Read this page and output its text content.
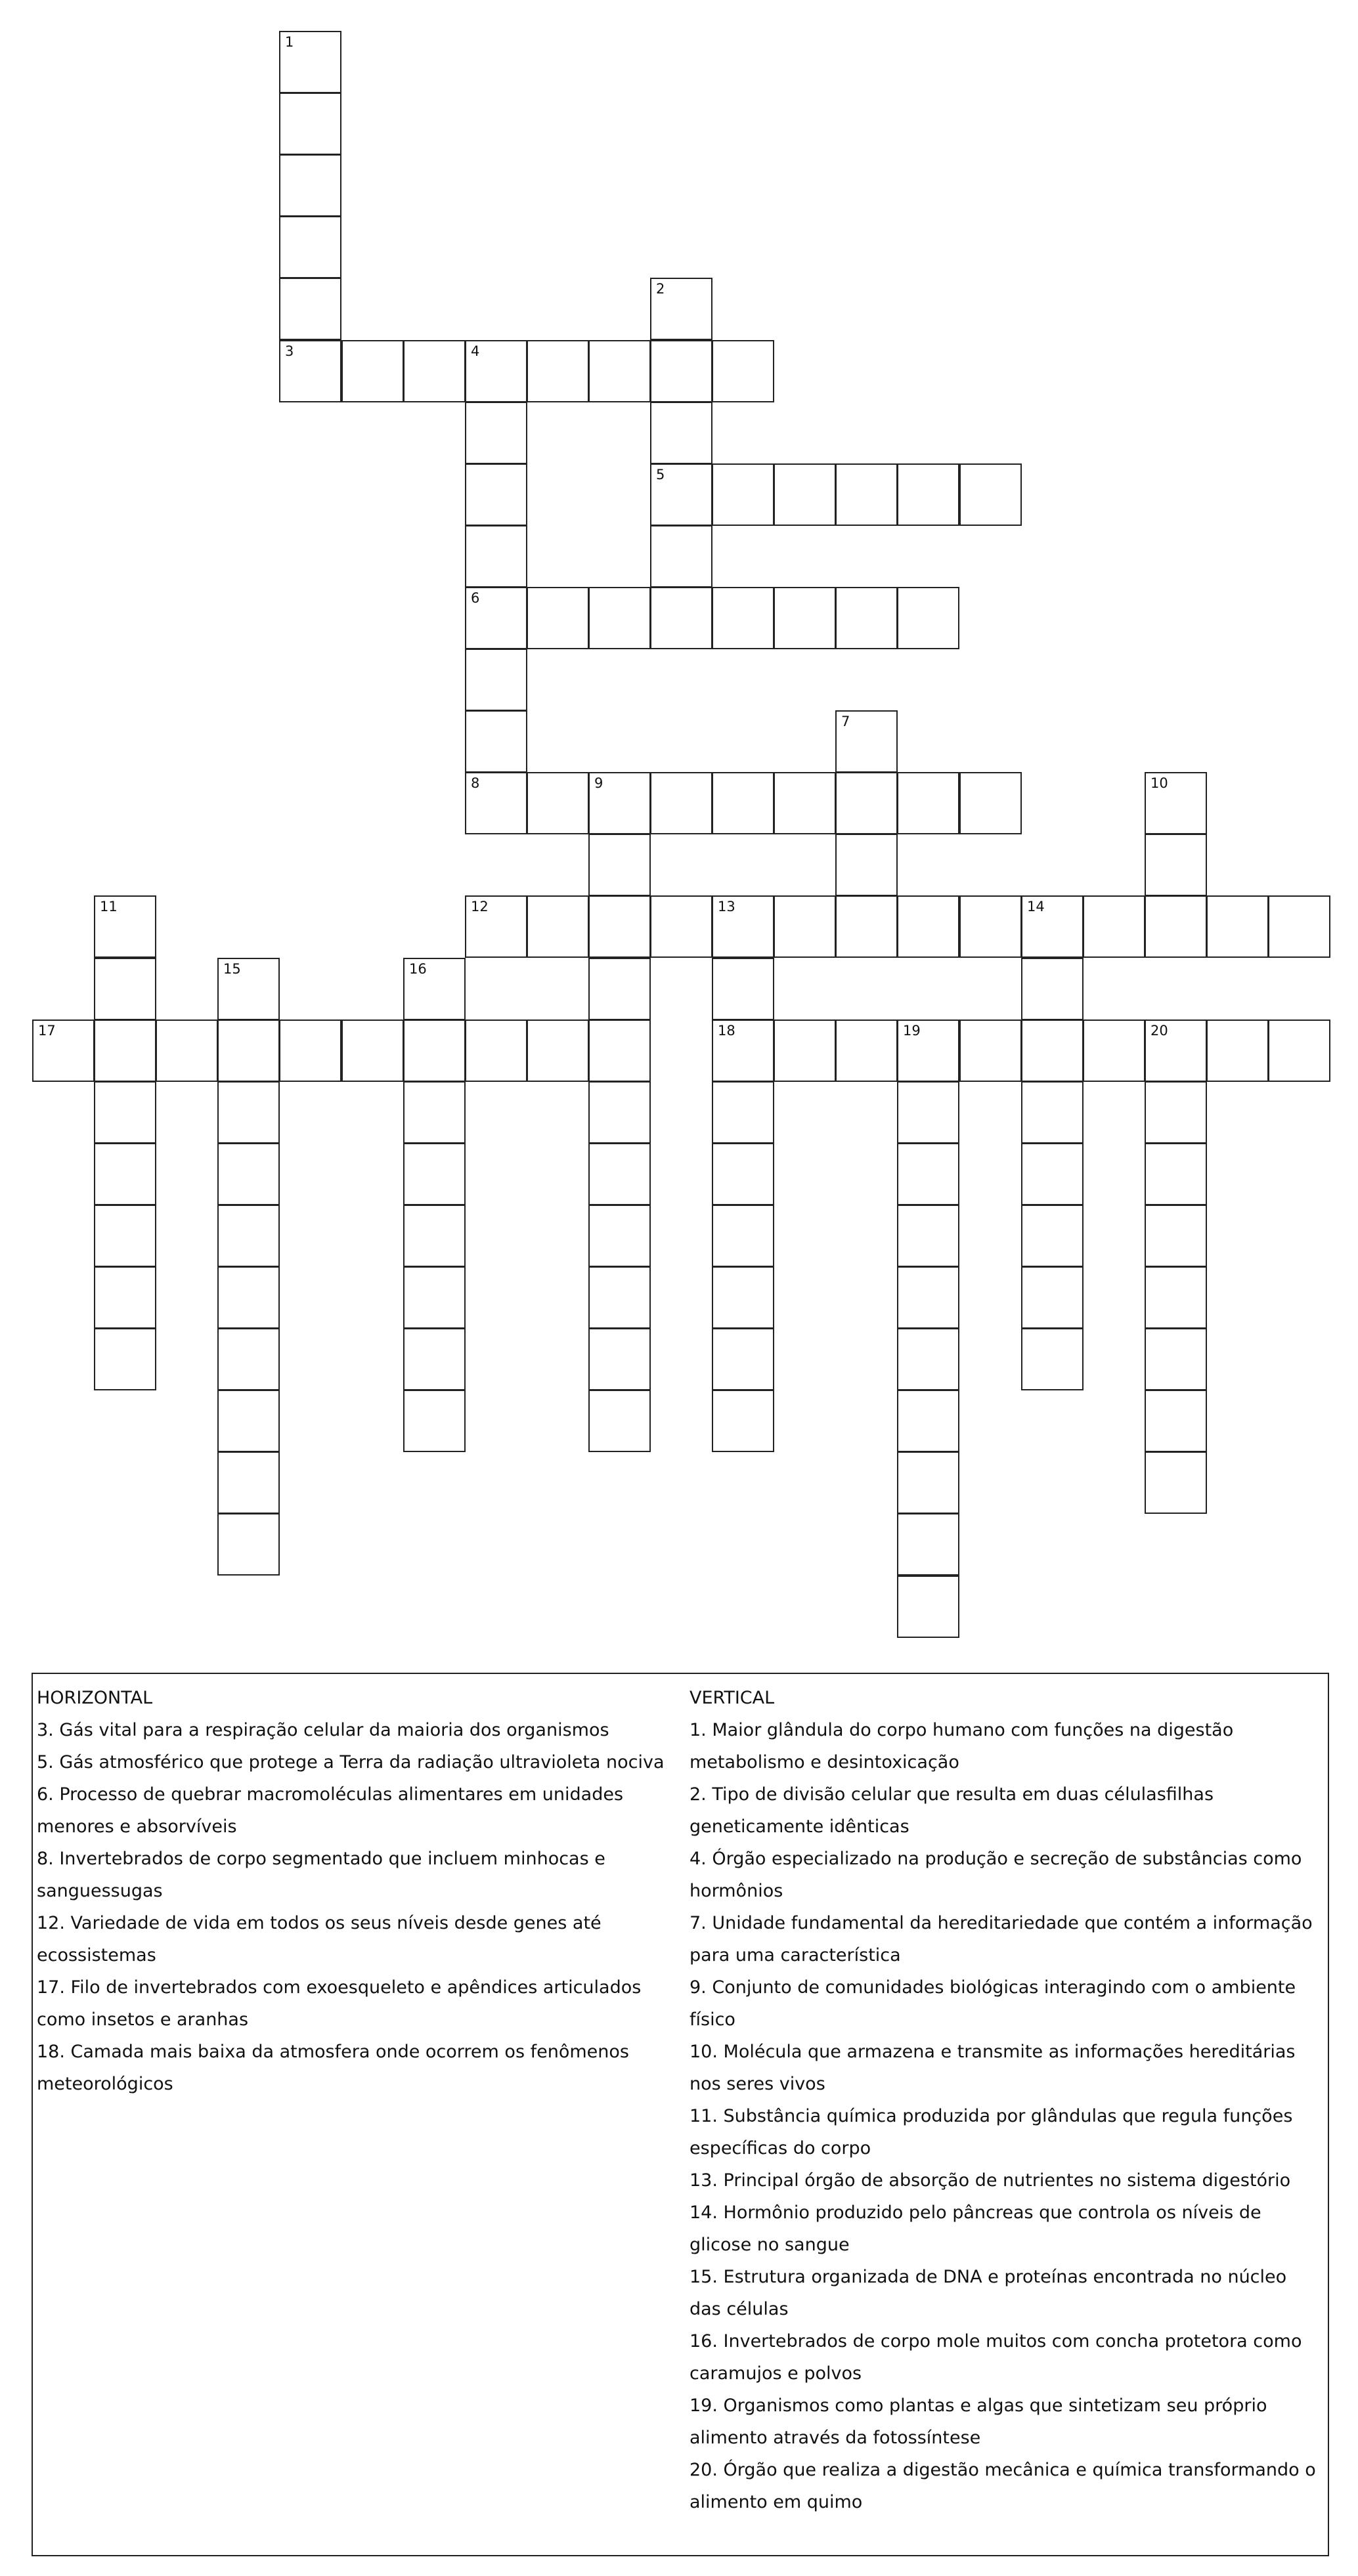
1
2
3	4
5
6
7
8	9	10
11	12	13	14
15	16
17	18	19	20
HORIZONTAL
3. Gás vital para a respiração celular da maioria dos organismos
5. Gás atmosférico que protege a Terra da radiação ultravioleta nociva
6. Processo de quebrar macromoléculas alimentares em unidades menores e absorvíveis
8. Invertebrados de corpo segmentado que incluem minhocas e sanguessugas
12. Variedade de vida em todos os seus níveis desde genes até ecossistemas
17. Filo de invertebrados com exoesqueleto e apêndices articulados como insetos e aranhas
18. Camada mais baixa da atmosfera onde ocorrem os fenômenos meteorológicos
VERTICAL
1. Maior glândula do corpo humano com funções na digestão metabolismo e desintoxicação
2. Tipo de divisão celular que resulta em duas célulasfilhas geneticamente idênticas
4. Órgão especializado na produção e secreção de substâncias como hormônios
7. Unidade fundamental da hereditariedade que contém a informação para uma característica
9. Conjunto de comunidades biológicas interagindo com o ambiente físico
10. Molécula que armazena e transmite as informações hereditárias nos seres vivos
11. Substância química produzida por glândulas que regula funções específicas do corpo
13. Principal órgão de absorção de nutrientes no sistema digestório
14. Hormônio produzido pelo pâncreas que controla os níveis de glicose no sangue
15. Estrutura organizada de DNA e proteínas encontrada no núcleo das células
16. Invertebrados de corpo mole muitos com concha protetora como caramujos e polvos
19. Organismos como plantas e algas que sintetizam seu próprio alimento através da fotossíntese
20. Órgão que realiza a digestão mecânica e química transformando o alimento em quimo
